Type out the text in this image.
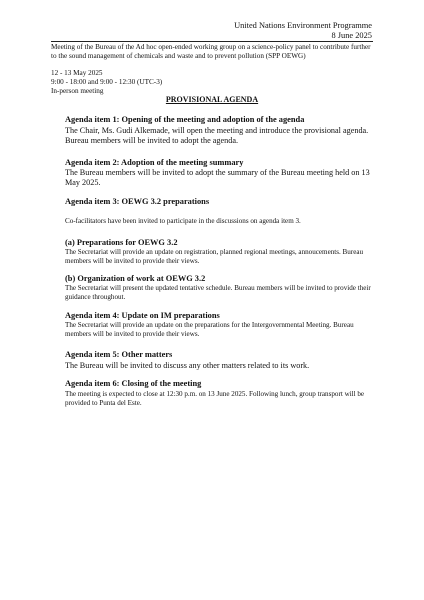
United Nations Environment Programme
8 June 2025
Meeting of the Bureau of the Ad hoc open-ended working group on a science-policy panel to contribute further to the sound management of chemicals and waste and to prevent pollution (SPP OEWG)
12 - 13 May 2025
9:00 - 18:00 and 9:00 - 12:30 (UTC-3)
In-person meeting
PROVISIONAL AGENDA
Agenda item 1: Opening of the meeting and adoption of the agenda
The Chair, Ms. Gudi Alkemade, will open the meeting and introduce the provisional agenda. Bureau members will be invited to adopt the agenda.
Agenda item 2: Adoption of the meeting summary
The Bureau members will be invited to adopt the summary of the Bureau meeting held on 13 May 2025.
Agenda item 3: OEWG 3.2 preparations
Co-facilitators have been invited to participate in the discussions on agenda item 3.
(a) Preparations for OEWG 3.2
The Secretariat will provide an update on registration, planned regional meetings, annoucements. Bureau members will be invited to provide their views.
(b) Organization of work at OEWG 3.2
The Secretariat will present the updated tentative schedule. Bureau members will be invited to provide their guidance throughout.
Agenda item 4: Update on IM preparations
The Secretariat will provide an update on the preparations for the Intergovernmental Meeting. Bureau members will be invited to provide their views.
Agenda item 5: Other matters
The Bureau will be invited to discuss any other matters related to its work.
Agenda item 6: Closing of the meeting
The meeting is expected to close at 12:30 p.m. on 13 June 2025. Following lunch, group transport will be provided to Punta del Este.
